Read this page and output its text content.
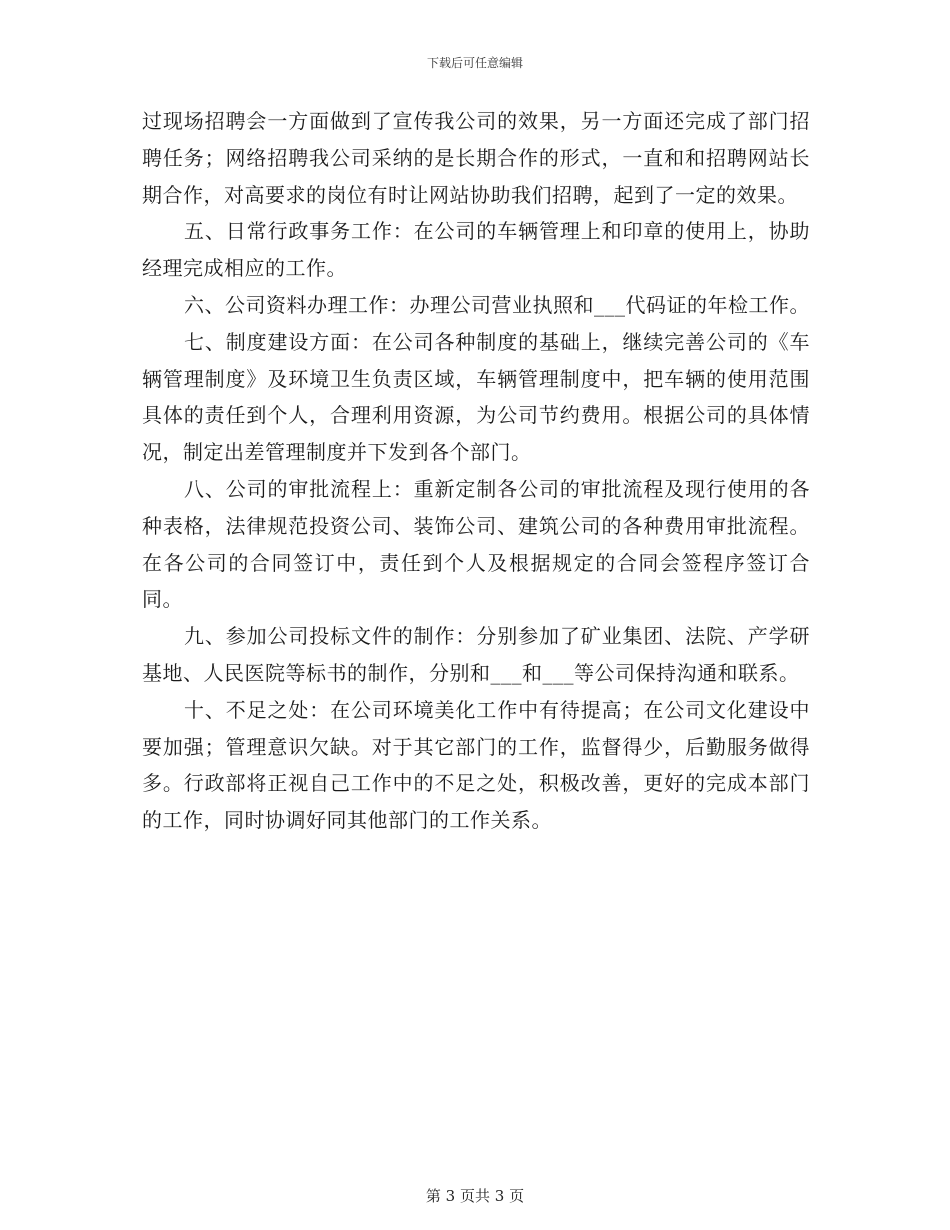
下载后可任意编辑

过现场招聘会一方面做到了宣传我公司的效果，另一方面还完成了部门招聘任务；网络招聘我公司采纳的是长期合作的形式，一直和和招聘网站长期合作，对高要求的岗位有时让网站协助我们招聘，起到了一定的效果。

五、日常行政事务工作：在公司的车辆管理上和印章的使用上，协助经理完成相应的工作。

六、公司资料办理工作：办理公司营业执照和___代码证的年检工作。

七、制度建设方面：在公司各种制度的基础上，继续完善公司的《车辆管理制度》及环境卫生负责区域，车辆管理制度中，把车辆的使用范围具体的责任到个人，合理利用资源，为公司节约费用。根据公司的具体情况，制定出差管理制度并下发到各个部门。

八、公司的审批流程上：重新定制各公司的审批流程及现行使用的各种表格，法律规范投资公司、装饰公司、建筑公司的各种费用审批流程。在各公司的合同签订中，责任到个人及根据规定的合同会签程序签订合同。

九、参加公司投标文件的制作：分别参加了矿业集团、法院、产学研基地、人民医院等标书的制作，分别和___和___等公司保持沟通和联系。

十、不足之处：在公司环境美化工作中有待提高；在公司文化建设中要加强；管理意识欠缺。对于其它部门的工作，监督得少，后勤服务做得多。行政部将正视自己工作中的不足之处，积极改善，更好的完成本部门的工作，同时协调好同其他部门的工作关系。

第 3 页共 3 页
